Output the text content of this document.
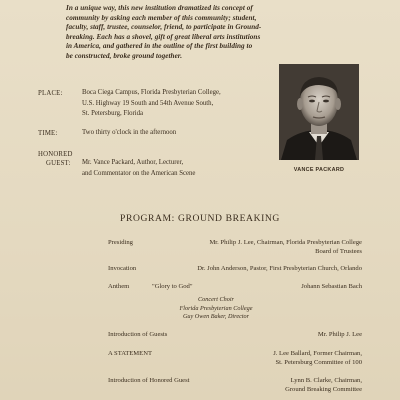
In a unique way, this new institution dramatized its concept of
community by asking each member of this community; student,
faculty, staff, trustee, counselor, friend, to participate in Ground-
breaking. Each has a shovel, gift of great liberal arts institutions
in America, and gathered in the outline of the first building to
be constructed, broke ground together.
PLACE:	Boca Ciega Campus, Florida Presbyterian College,
U.S. Highway 19 South and 54th Avenue South,
St. Petersburg, Florida
TIME:	Two thirty o'clock in the afternoon
HONORED
GUEST: Mr. Vance Packard, Author, Lecturer,
and Commentator on the American Scene	VANCE PACKARD
PROGRAM: GROUND BREAKING
Presiding	Mr. Philip J. Lee, Chairman, Florida Presbyterian College
Board of Trustees
Invocation	Dr. John Anderson, Pastor, First Presbyterian Church, Orlando
Anthem	"Glory to God"	Johann Sebastian Bach
Concert Choir
Florida Presbyterian College
Guy Owen Baker, Director
Introduction of Guests	Mr. Philip J. Lee
A STATEMENT	J. Lee Ballard, Former Chairman,
St. Petersburg Committee of 100
Introduction of Honored Guest	Lynn B. Clarke, Chairman,
Ground Breaking Committee
